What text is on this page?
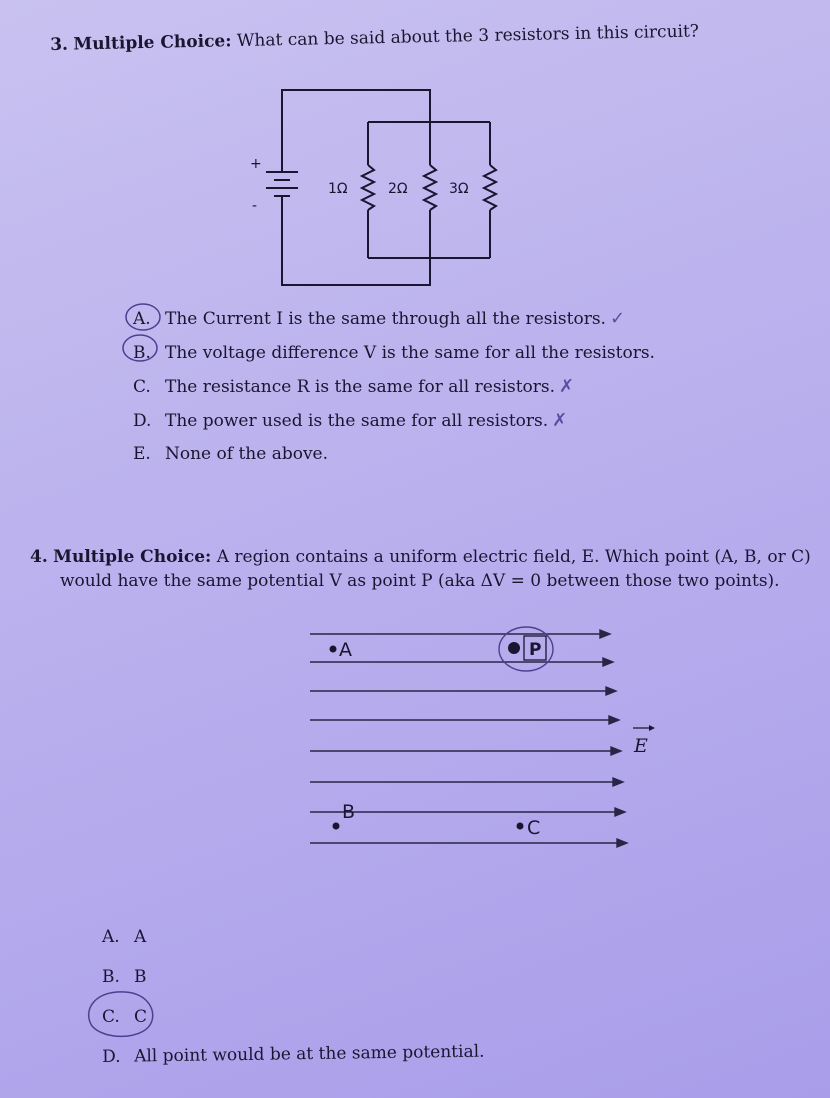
3. Multiple Choice: What can be said about the 3 resistors in this circuit?
+
-
1Ω	2Ω	3Ω
E
A	P
B
C
A. The Current I is the same through all the resistors. ✓
B. The voltage difference V is the same for all the resistors.
C. The resistance R is the same for all resistors. ✗
D. The power used is the same for all resistors. ✗
E. None of the above.
4. Multiple Choice: A region contains a uniform electric field, E. Which point (A, B, or C)
would have the same potential V as point P (aka ΔV = 0 between those two points).
A. A
B. B
C. C
D. All point would be at the same potential.
